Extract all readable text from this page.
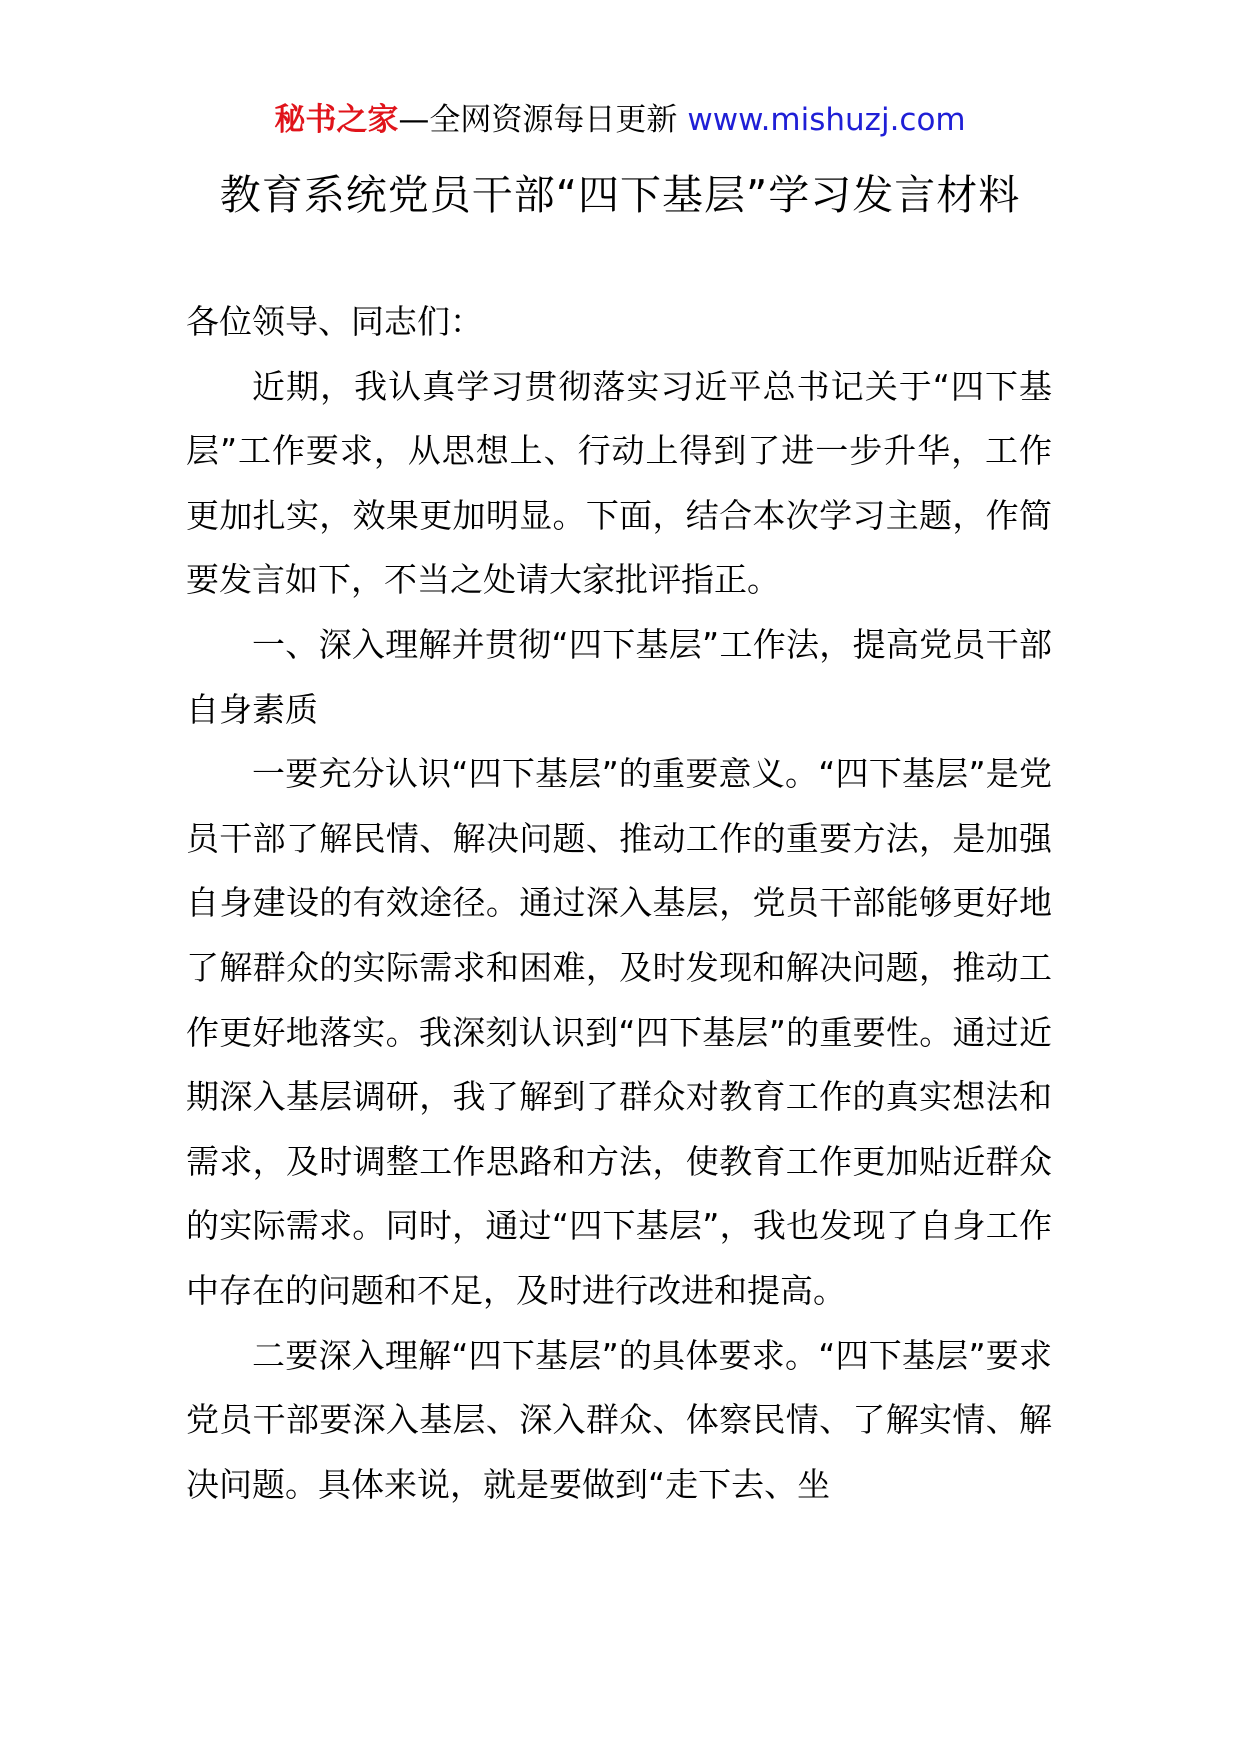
秘书之家—全网资源每日更新 www.mishuzj.com
教育系统党员干部“四下基层”学习发言材料

各位领导、同志们：

近期，我认真学习贯彻落实习近平总书记关于“四下基层”工作要求，从思想上、行动上得到了进一步升华，工作更加扎实，效果更加明显。下面，结合本次学习主题，作简要发言如下，不当之处请大家批评指正。

一、深入理解并贯彻“四下基层”工作法，提高党员干部自身素质

一要充分认识“四下基层”的重要意义。“四下基层”是党员干部了解民情、解决问题、推动工作的重要方法，是加强自身建设的有效途径。通过深入基层，党员干部能够更好地了解群众的实际需求和困难，及时发现和解决问题，推动工作更好地落实。我深刻认识到“四下基层”的重要性。通过近期深入基层调研，我了解到了群众对教育工作的真实想法和需求，及时调整工作思路和方法，使教育工作更加贴近群众的实际需求。同时，通过“四下基层”，我也发现了自身工作中存在的问题和不足，及时进行改进和提高。

二要深入理解“四下基层”的具体要求。“四下基层”要求党员干部要深入基层、深入群众、体察民情、了解实情、解决问题。具体来说，就是要做到“走下去、坐
